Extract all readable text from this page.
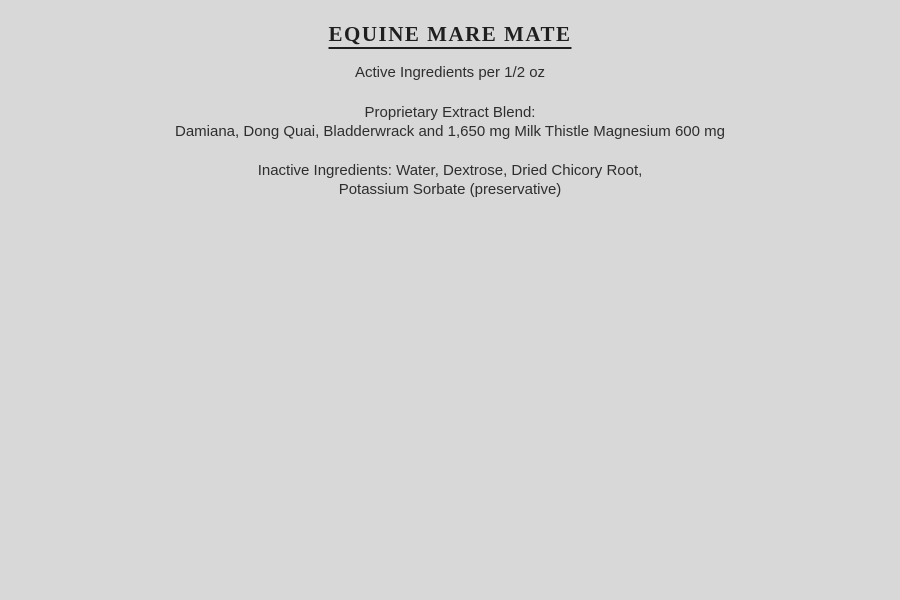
EQUINE MARE MATE

Active Ingredients per 1/2 oz

Proprietary Extract Blend:
Damiana, Dong Quai, Bladderwrack and 1,650 mg Milk Thistle Magnesium 600 mg
Inactive Ingredients: Water, Dextrose, Dried Chicory Root,
Potassium Sorbate (preservative)
